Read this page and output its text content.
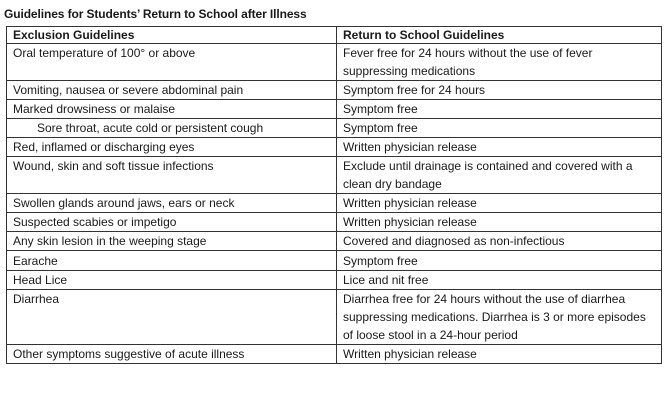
Guidelines for Students’ Return to School after Illness
Exclusion Guidelines	Return to School Guidelines
Oral temperature of 100° or above	Fever free for 24 hours without the use of fever suppressing medications
Vomiting, nausea or severe abdominal pain	Symptom free for 24 hours
Marked drowsiness or malaise	Symptom free
Sore throat, acute cold or persistent cough	Symptom free
Red, inflamed or discharging eyes	Written physician release
Wound, skin and soft tissue infections	Exclude until drainage is contained and covered with a clean dry bandage
Swollen glands around jaws, ears or neck	Written physician release
Suspected scabies or impetigo	Written physician release
Any skin lesion in the weeping stage	Covered and diagnosed as non-infectious
Earache	Symptom free
Head Lice	Lice and nit free
Diarrhea	Diarrhea free for 24 hours without the use of diarrhea suppressing medications. Diarrhea is 3 or more episodes of loose stool in a 24-hour period
Other symptoms suggestive of acute illness	Written physician release
